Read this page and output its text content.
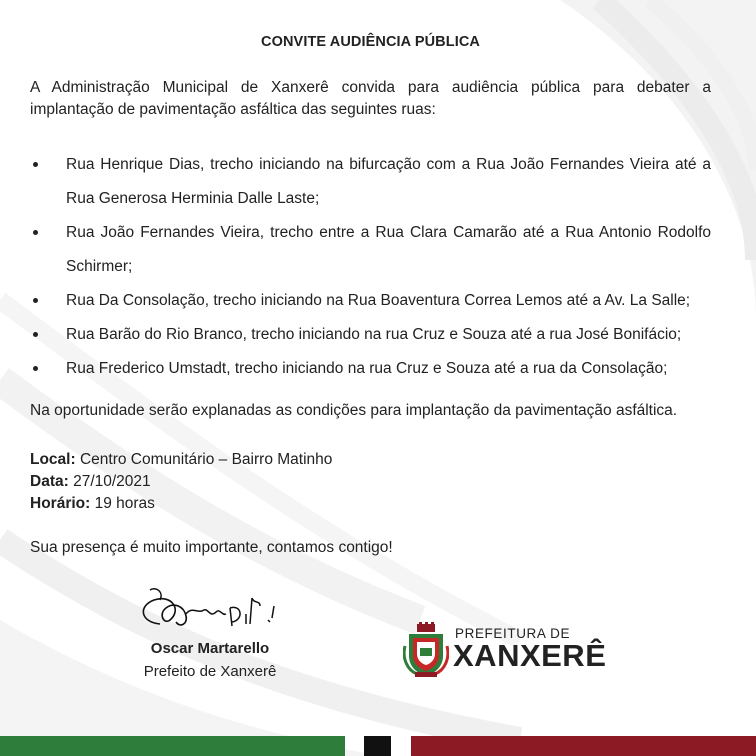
CONVITE AUDIÊNCIA PÚBLICA
A Administração Municipal de Xanxerê convida para audiência pública para debater a
implantação de pavimentação asfáltica das seguintes ruas:
Rua Henrique Dias, trecho iniciando na bifurcação com a Rua João Fernandes Vieira até a
Rua Generosa Herminia Dalle Laste;
Rua João Fernandes Vieira, trecho entre a Rua Clara Camarão até a Rua Antonio Rodolfo
Schirmer;
Rua Da Consolação, trecho iniciando na Rua Boaventura Correa Lemos até a Av. La Salle;
Rua Barão do Rio Branco, trecho iniciando na rua Cruz e Souza até a rua José Bonifácio;
Rua Frederico Umstadt, trecho iniciando na rua Cruz e Souza até a rua da Consolação;
Na oportunidade serão explanadas as condições para implantação da pavimentação asfáltica.
Local: Centro Comunitário – Bairro Matinho
Data: 27/10/2021
Horário: 19 horas
Sua presença é muito importante, contamos contigo!
Oscar Martarello
Prefeito de Xanxerê
PREFEITURA DE
XANXERÊ
